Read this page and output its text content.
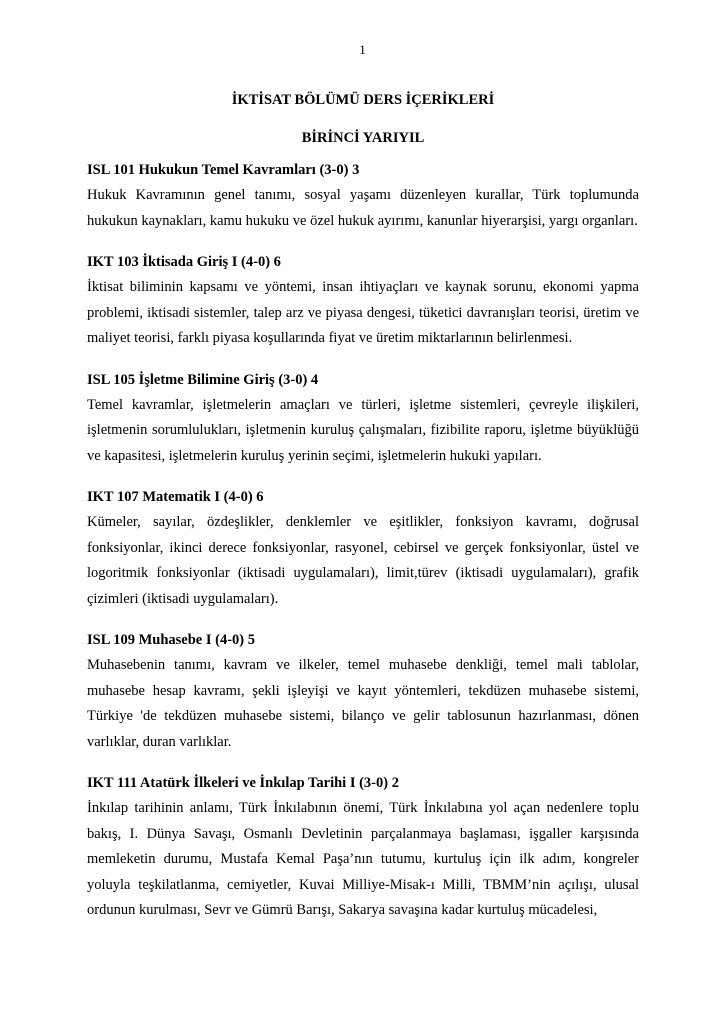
1
İKTİSAT BÖLÜMÜ DERS İÇERİKLERİ
BİRİNCİ YARIYIL
ISL 101 Hukukun Temel Kavramları (3-0) 3

Hukuk Kavramının genel tanımı, sosyal yaşamı düzenleyen kurallar, Türk toplumunda hukukun kaynakları, kamu hukuku ve özel hukuk ayırımı, kanunlar hiyerarşisi, yargı organları.

IKT 103 İktisada Giriş I (4-0) 6

İktisat biliminin kapsamı ve yöntemi, insan ihtiyaçları ve kaynak sorunu, ekonomi yapma problemi, iktisadi sistemler, talep arz ve piyasa dengesi, tüketici davranışları teorisi, üretim ve maliyet teorisi, farklı piyasa koşullarında fiyat ve üretim miktarlarının belirlenmesi.

ISL 105 İşletme Bilimine Giriş (3-0) 4

Temel kavramlar, işletmelerin amaçları ve türleri, işletme sistemleri, çevreyle ilişkileri, işletmenin sorumlulukları, işletmenin kuruluş çalışmaları, fizibilite raporu, işletme büyüklüğü ve kapasitesi, işletmelerin kuruluş yerinin seçimi, işletmelerin hukuki yapıları.

IKT 107 Matematik I (4-0) 6

Kümeler, sayılar, özdeşlikler, denklemler ve eşitlikler, fonksiyon kavramı, doğrusal fonksiyonlar, ikinci derece fonksiyonlar, rasyonel, cebirsel ve gerçek fonksiyonlar, üstel ve logoritmik fonksiyonlar (iktisadi uygulamaları), limit,türev (iktisadi uygulamaları), grafik çizimleri (iktisadi uygulamaları).

ISL 109 Muhasebe I (4-0) 5

Muhasebenin tanımı, kavram ve ilkeler, temel muhasebe denkliği, temel mali tablolar, muhasebe hesap kavramı, şekli işleyişi ve kayıt yöntemleri, tekdüzen muhasebe sistemi, Türkiye 'de tekdüzen muhasebe sistemi, bilanço ve gelir tablosunun hazırlanması, dönen varlıklar, duran varlıklar.

IKT 111 Atatürk İlkeleri ve İnkılap Tarihi I (3-0) 2

İnkılap tarihinin anlamı, Türk İnkılabının önemi, Türk İnkılabına yol açan nedenlere toplu bakış, I. Dünya Savaşı, Osmanlı Devletinin parçalanmaya başlaması, işgaller karşısında memleketin durumu, Mustafa Kemal Paşa’nın tutumu, kurtuluş için ilk adım, kongreler yoluyla teşkilatlanma, cemiyetler, Kuvai Milliye-Misak-ı Milli, TBMM’nin açılışı, ulusal ordunun kurulması, Sevr ve Gümrü Barışı, Sakarya savaşına kadar kurtuluş mücadelesi,
